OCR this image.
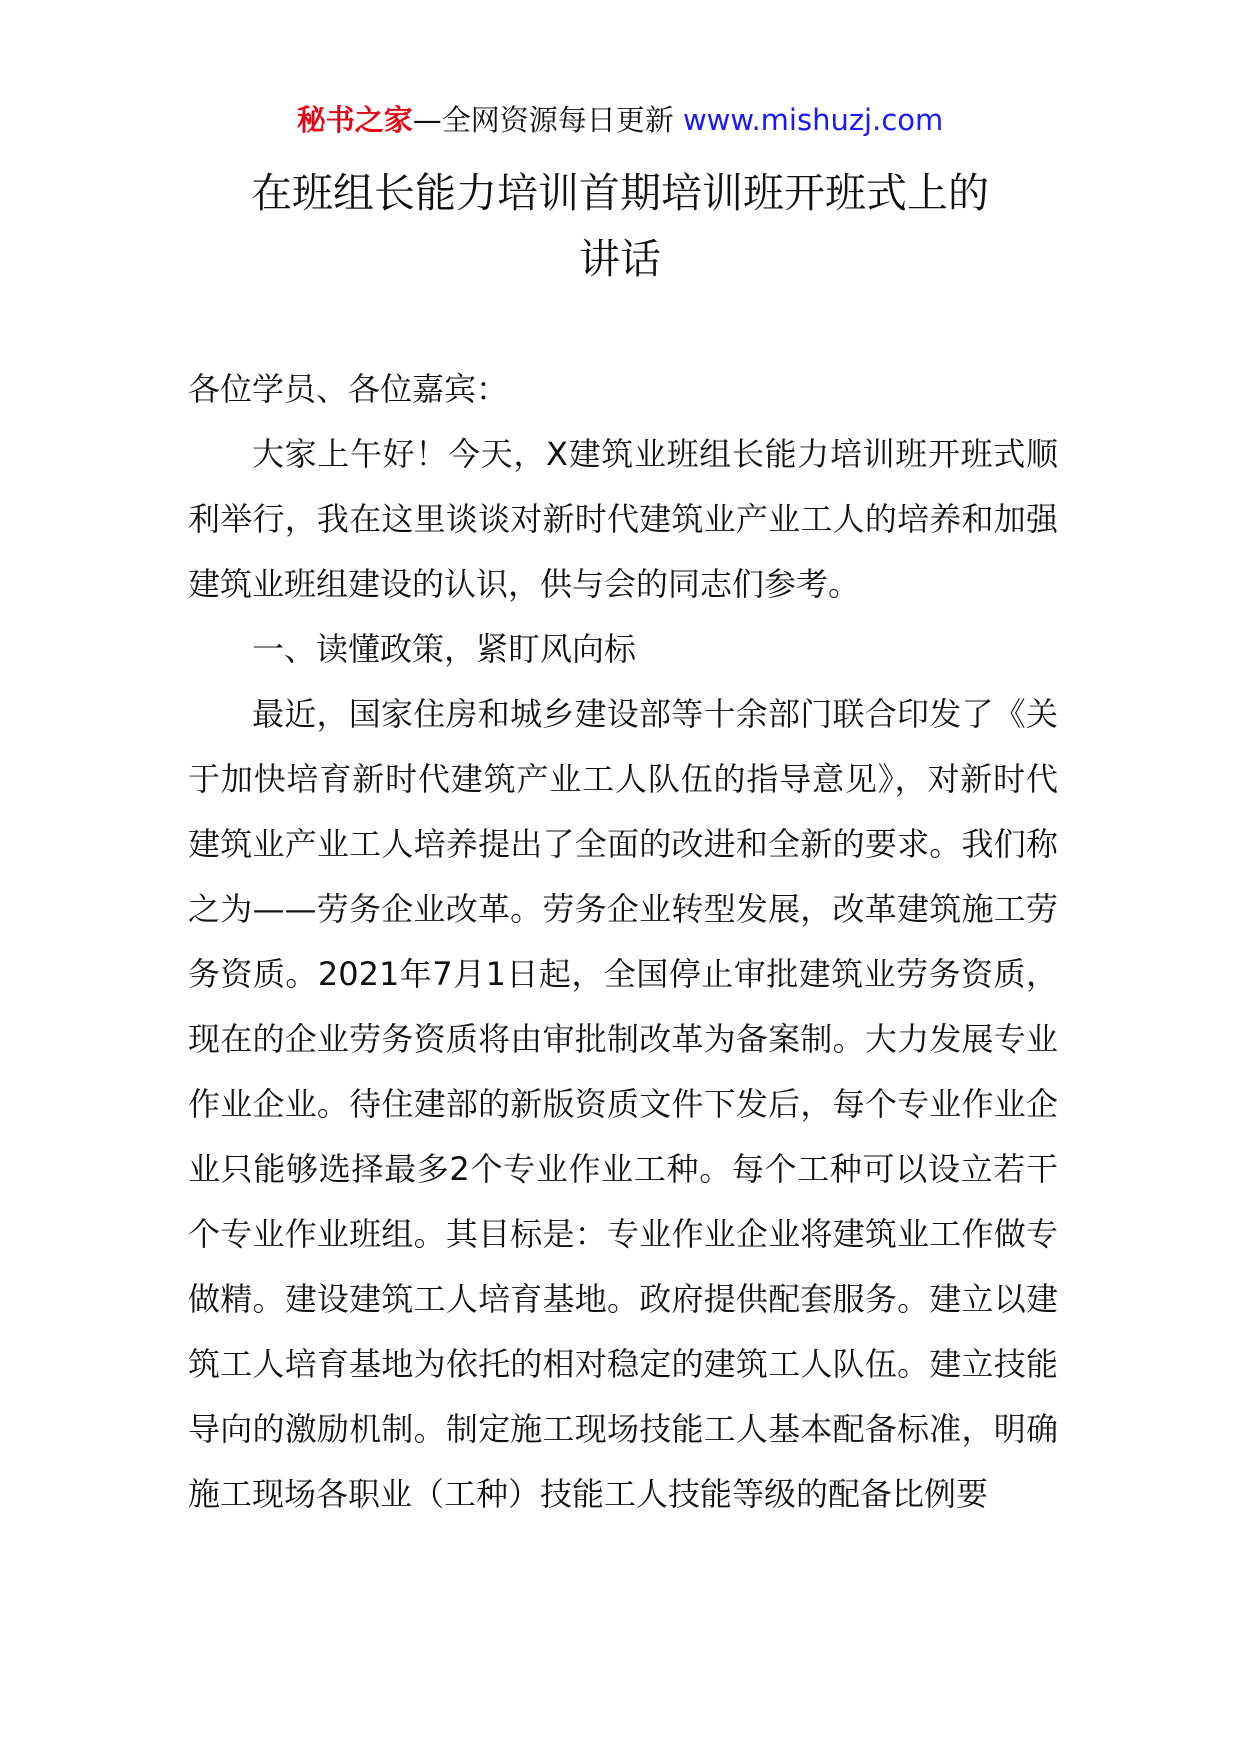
秘书之家—全网资源每日更新 www.mishuzj.com
在班组长能力培训首期培训班开班式上的
讲话

各位学员、各位嘉宾：

大家上午好！今天，X建筑业班组长能力培训班开班式顺利举行，我在这里谈谈对新时代建筑业产业工人的培养和加强建筑业班组建设的认识，供与会的同志们参考。

一、读懂政策，紧盯风向标

最近，国家住房和城乡建设部等十余部门联合印发了《关于加快培育新时代建筑产业工人队伍的指导意见》，对新时代建筑业产业工人培养提出了全面的改进和全新的要求。我们称之为——劳务企业改革。劳务企业转型发展，改革建筑施工劳务资质。2021年7月1日起，全国停止审批建筑业劳务资质，现在的企业劳务资质将由审批制改革为备案制。大力发展专业作业企业。待住建部的新版资质文件下发后，每个专业作业企业只能够选择最多2个专业作业工种。每个工种可以设立若干个专业作业班组。其目标是：专业作业企业将建筑业工作做专做精。建设建筑工人培育基地。政府提供配套服务。建立以建筑工人培育基地为依托的相对稳定的建筑工人队伍。建立技能导向的激励机制。制定施工现场技能工人基本配备标准，明确施工现场各职业（工种）技能工人技能等级的配备比例要
